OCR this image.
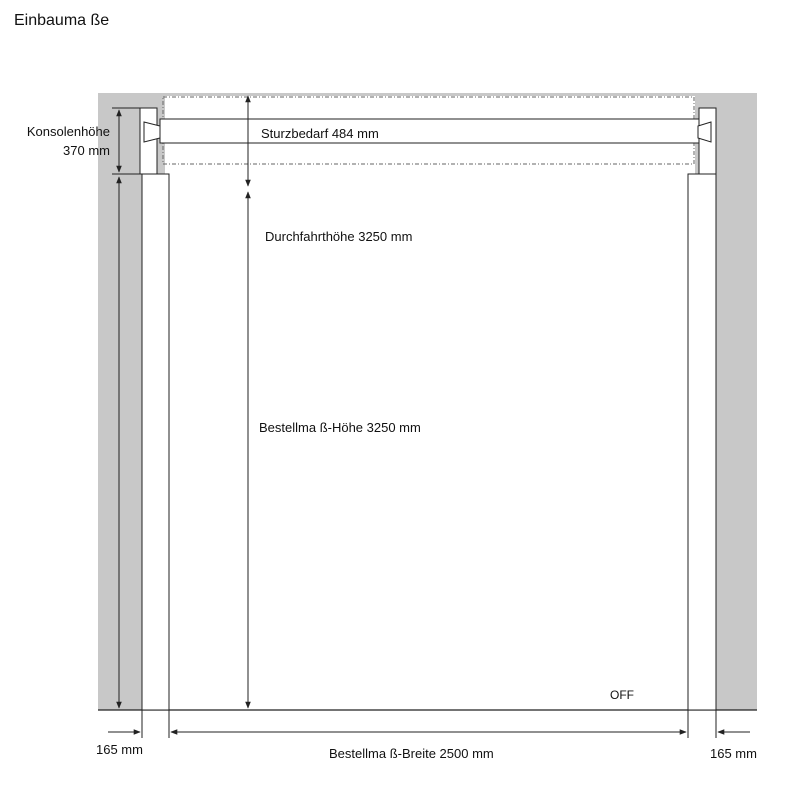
Einbauma ße
Konsolenhöhe
370 mm
Sturzbedarf 484 mm
Durchfahrthöhe 3250 mm
Bestellma ß-Höhe 3250 mm
OFF
165 mm	Bestellma ß-Breite 2500 mm	165 mm
